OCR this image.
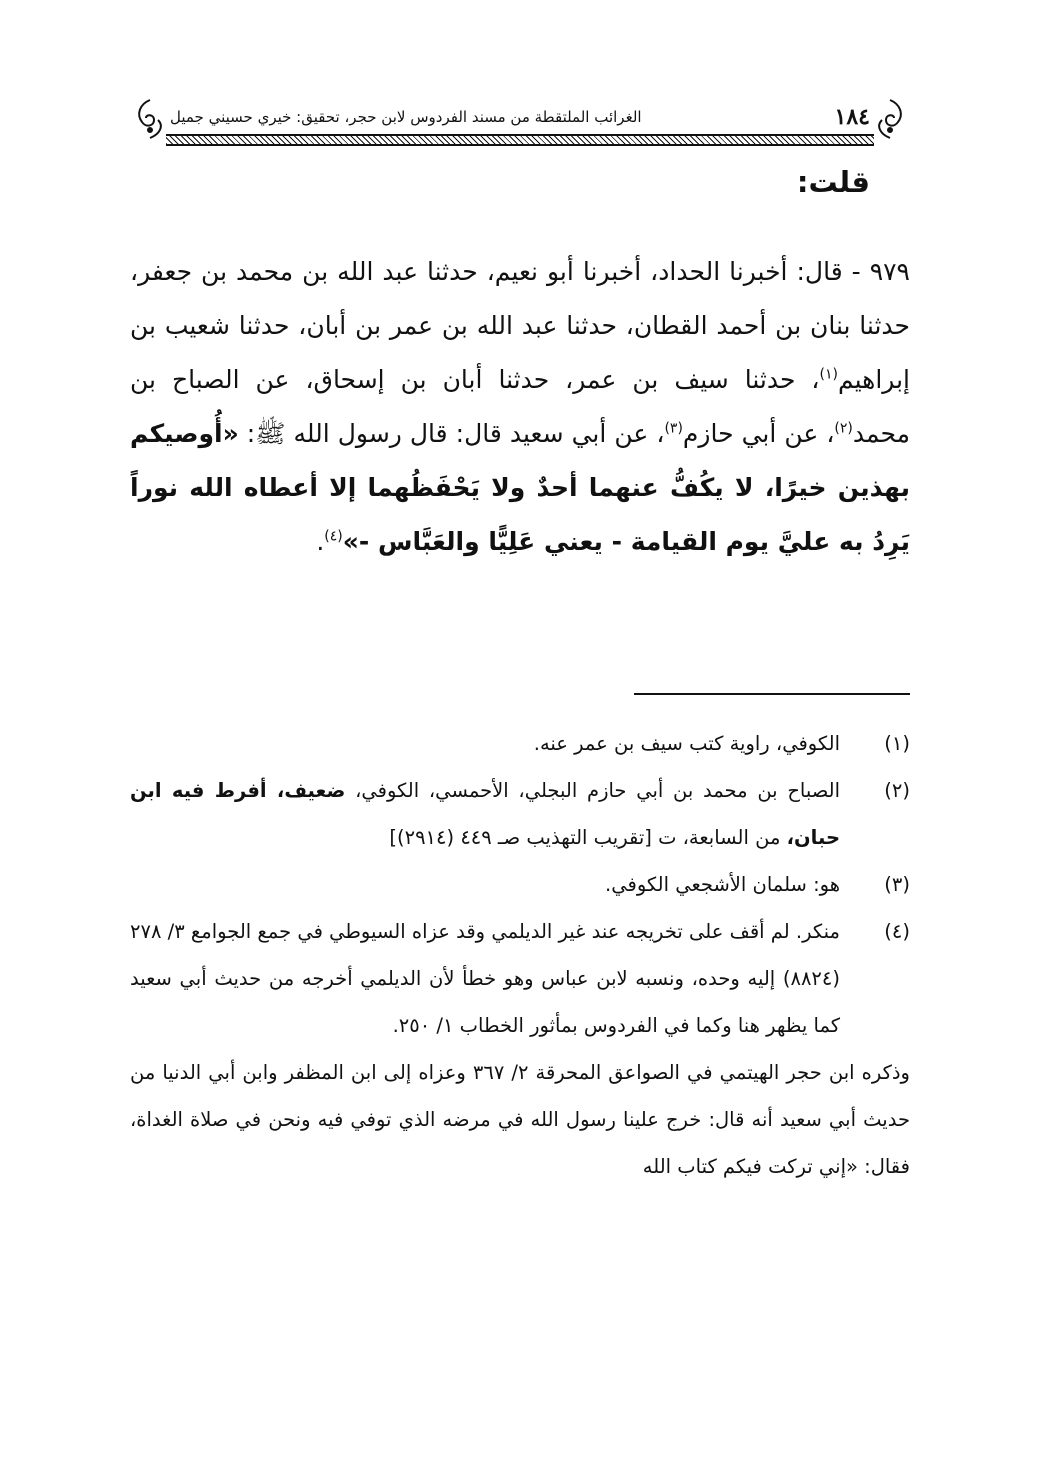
١٨٤
الغرائب الملتقطة من مسند الفردوس لابن حجر، تحقيق: خيري حسيني جميل
قلت:
٩٧٩ - قال: أخبرنا الحداد، أخبرنا أبو نعيم، حدثنا عبد الله بن محمد بن جعفر، حدثنا بنان بن أحمد القطان، حدثنا عبد الله بن عمر بن أبان، حدثنا شعيب بن إبراهيم$^{(١)}$، حدثنا سيف بن عمر، حدثنا أبان بن إسحاق، عن الصباح بن محمد$^{(٢)}$، عن أبي حازم$^{(٣)}$، عن أبي سعيد قال: قال رسول الله ﷺ: «أُوصيكم بهذين خيرًا، لا يكُفُّ عنهما أحدٌ ولا يَحْفَظُهما إلا أعطاه الله نوراً يَرِدُ به عليَّ يوم القيامة - يعني عَلِيًّا والعَبَّاس -»$^{(٤)}$.
(١)
الكوفي، راوية كتب سيف بن عمر عنه.
(٢)
الصباح بن محمد بن أبي حازم البجلي، الأحمسي، الكوفي، ضعيف، أفرط فيه ابن حبان، من السابعة، ت [تقريب التهذيب صـ ٤٤٩ (٢٩١٤)]
(٣)
هو: سلمان الأشجعي الكوفي.
(٤)
منكر. لم أقف على تخريجه عند غير الديلمي وقد عزاه السيوطي في جمع الجوامع ٣/ ٢٧٨ (٨٨٢٤) إليه وحده، ونسبه لابن عباس وهو خطأ لأن الديلمي أخرجه من حديث أبي سعيد كما يظهر هنا وكما في الفردوس بمأثور الخطاب ١/ ٢٥٠.
وذكره ابن حجر الهيتمي في الصواعق المحرقة ٢/ ٣٦٧ وعزاه إلى ابن المظفر وابن أبي الدنيا من حديث أبي سعيد أنه قال: خرج علينا رسول الله في مرضه الذي توفي فيه ونحن في صلاة الغداة، فقال: «إني تركت فيكم كتاب الله
